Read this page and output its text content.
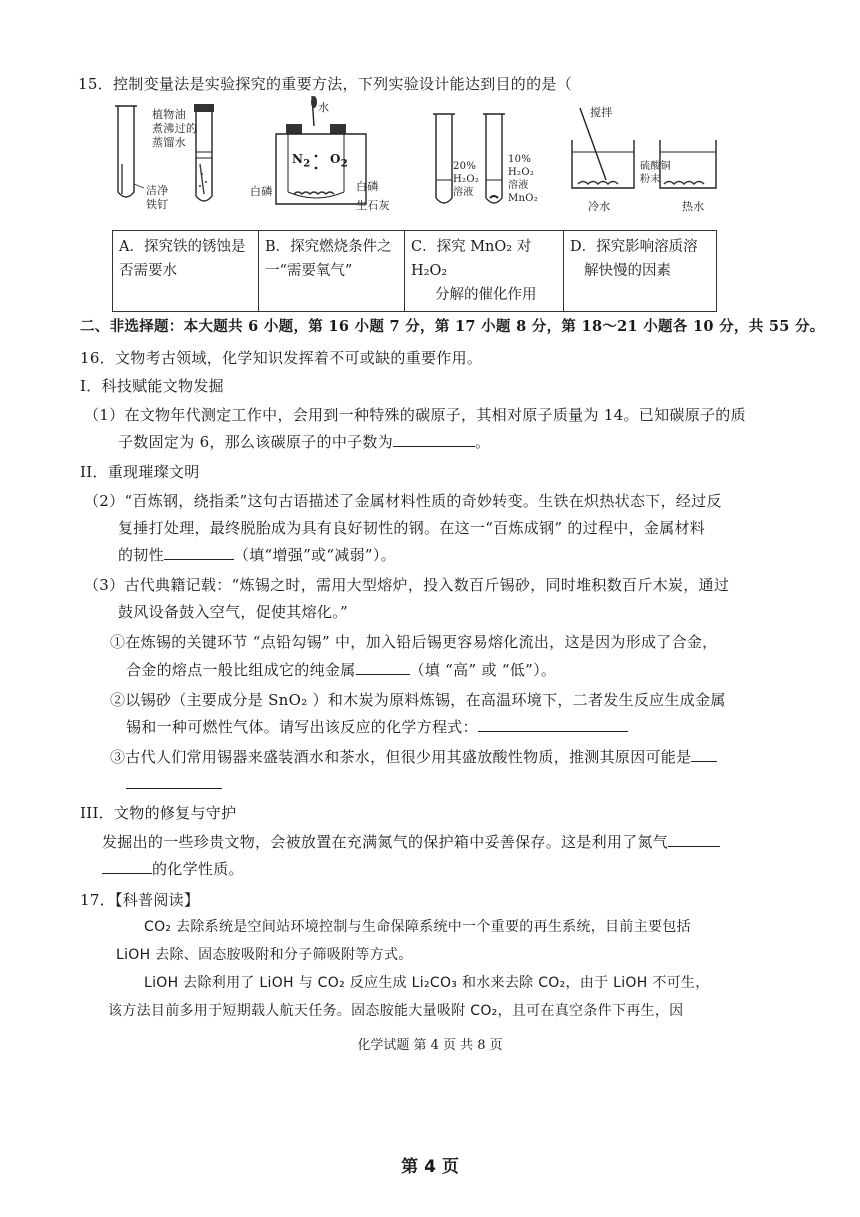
15．控制变量法是实验探究的重要方法，下列实验设计能达到目的的是（
植物油
煮沸过的
蒸馏水
洁净
铁钉
水
$N_2$ $O_2$
白磷	白磷
生石灰
20%
H₂O₂
溶液
10%
H₂O₂
溶液
MnO₂
搅拌
硫酸铜
粉末
冷水	热水
A．探究铁的锈蚀是
否需要水

B．探究燃烧条件之
一“需要氧气”

C．探究 MnO₂ 对 H₂O₂
分解的催化作用

D．探究影响溶质溶
解快慢的因素
二、非选择题：本大题共 6 小题，第 16 小题 7 分，第 17 小题 8 分，第 18～21 小题各 10 分，共 55 分。
16．文物考古领域，化学知识发挥着不可或缺的重要作用。
I．科技赋能文物发掘
（1）在文物年代测定工作中，会用到一种特殊的碳原子，其相对原子质量为 14。已知碳原子的质
子数固定为 6，那么该碳原子的中子数为	。
II．重现璀璨文明
（2）“百炼钢，绕指柔”这句古语描述了金属材料性质的奇妙转变。生铁在炽热状态下，经过反
复捶打处理，最终脱胎成为具有良好韧性的钢。在这一“百炼成钢” 的过程中，金属材料
的韧性	（填“增强”或“减弱”）。
（3）古代典籍记载：“炼锡之时，需用大型熔炉，投入数百斤锡砂，同时堆积数百斤木炭，通过
鼓风设备鼓入空气，促使其熔化。”
①在炼锡的关键环节 “点铅勾锡” 中，加入铅后锡更容易熔化流出，这是因为形成了合金，
合金的熔点一般比组成它的纯金属	（填 “高” 或 “低”）。
②以锡砂（主要成分是 SnO₂ ）和木炭为原料炼锡，在高温环境下，二者发生反应生成金属
锡和一种可燃性气体。请写出该反应的化学方程式：
③古代人们常用锡器来盛装酒水和茶水，但很少用其盛放酸性物质，推测其原因可能是
III．文物的修复与守护
发掘出的一些珍贵文物，会被放置在充满氮气的保护箱中妥善保存。这是利用了氮气
的化学性质。
17．【科普阅读】
CO₂ 去除系统是空间站环境控制与生命保障系统中一个重要的再生系统，目前主要包括
LiOH 去除、固态胺吸附和分子筛吸附等方式。
LiOH 去除利用了 LiOH 与 CO₂ 反应生成 Li₂CO₃ 和水来去除 CO₂，由于 LiOH 不可生，
该方法目前多用于短期载人航天任务。固态胺能大量吸附 CO₂，且可在真空条件下再生，因
化学试题 第 4 页 共 8 页
第 4 页
